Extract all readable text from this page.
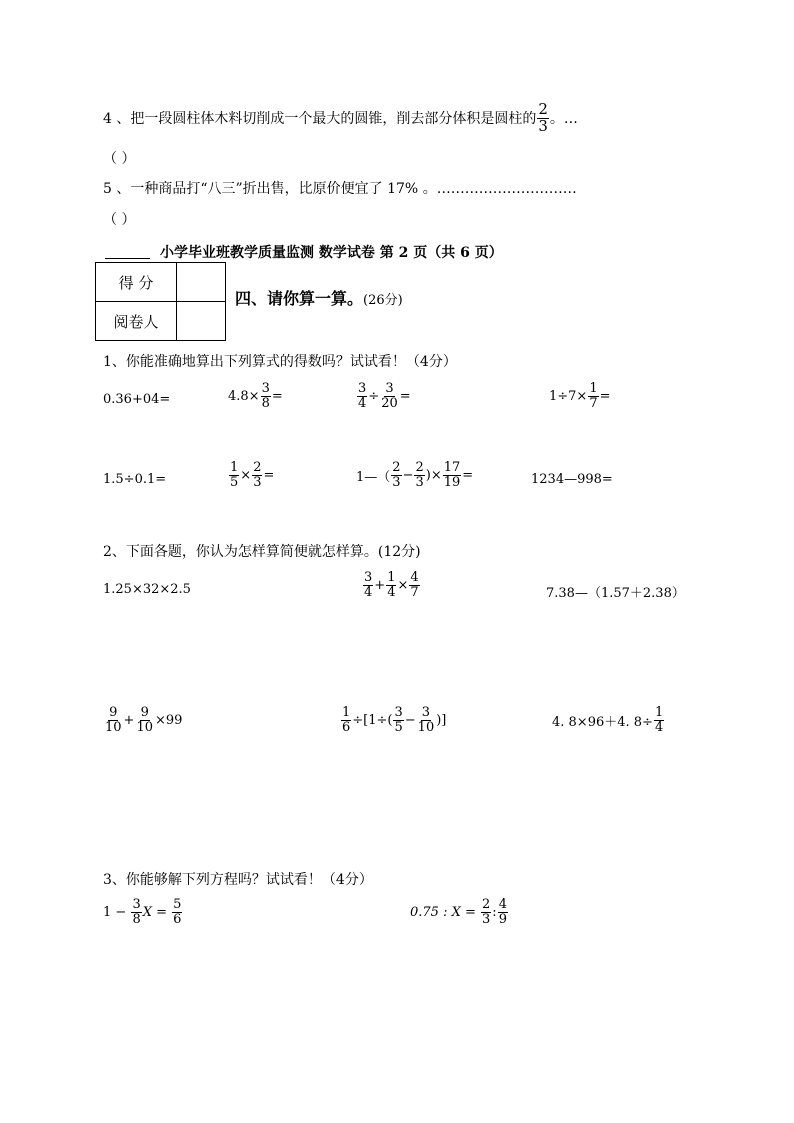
4 、把一段圆柱体木料切削成一个最大的圆锥，削去部分体积是圆柱的 $\frac{2}{3}$ 。…
（ ）
5 、一种商品打“八三”折出售，比原价便宜了 17% 。…………………………
（ ）
小学毕业班教学质量监测 数学试卷 第 2 页（共 6 页）
得 分	
阅卷人	
四、请你算一算。(26分)
1、你能准确地算出下列算式的得数吗？试试看！（4分）
0.36+04=	$4.8\times \frac{3}{8}$ =	$\frac{3}{4} \div \frac{3}{20}$ =	$1\div 7\times \frac{1}{7}$ =
1.5÷0.1=	$\frac{1}{5} \times \frac{2}{3}$ =	1—（ $\frac{2}{3} - \frac{2}{3}$ )× $\frac{17}{19}$ =	1234—998=
2、下面各题，你认为怎样算简便就怎样算。(12分)
1.25×32×2.5	$\frac{3}{4} + \frac{1}{4} \times \frac{4}{7}$	7.38—（1.57＋2.38）
$\frac{9}{10} + \frac{9}{10} \times 99$	$\frac{1}{6} \div[1\div( \frac{3}{5} - \frac{3}{10}$ )]	4. 8×96＋4. $8\div \frac{1}{4}$
3、你能够解下列方程吗？试试看！（4分）
1 −
$\frac{3}{8}$ X =
$\frac{5}{6}$	0.75 : X =
$\frac{2}{3}$ : $\frac{4}{9}$
